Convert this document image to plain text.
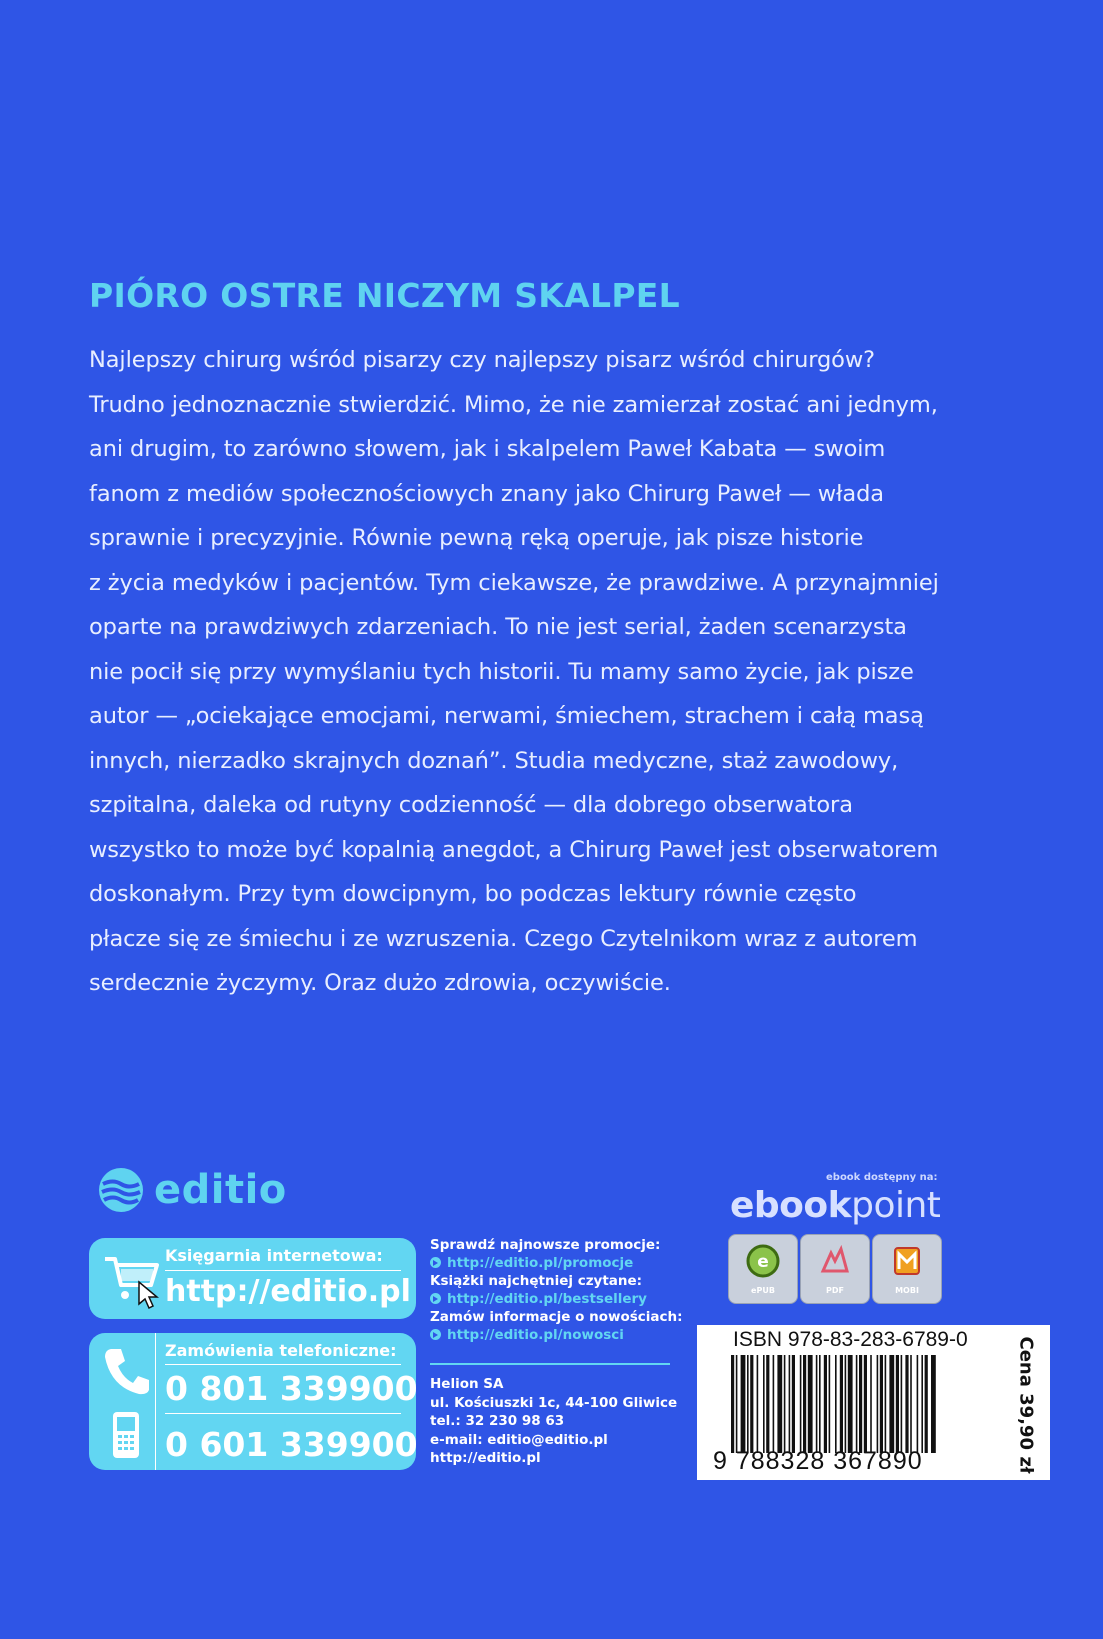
PIÓRO OSTRE NICZYM SKALPEL
Najlepszy chirurg wśród pisarzy czy najlepszy pisarz wśród chirurgów?
Trudno jednoznacznie stwierdzić. Mimo, że nie zamierzał zostać ani jednym,
ani drugim, to zarówno słowem, jak i skalpelem Paweł Kabata — swoim
fanom z mediów społecznościowych znany jako Chirurg Paweł — włada
sprawnie i precyzyjnie. Równie pewną ręką operuje, jak pisze historie
z życia medyków i pacjentów. Tym ciekawsze, że prawdziwe. A przynajmniej
oparte na prawdziwych zdarzeniach. To nie jest serial, żaden scenarzysta
nie pocił się przy wymyślaniu tych historii. Tu mamy samo życie, jak pisze
autor — „ociekające emocjami, nerwami, śmiechem, strachem i całą masą
innych, nierzadko skrajnych doznań”. Studia medyczne, staż zawodowy,
szpitalna, daleka od rutyny codzienność — dla dobrego obserwatora
wszystko to może być kopalnią anegdot, a Chirurg Paweł jest obserwatorem
doskonałym. Przy tym dowcipnym, bo podczas lektury równie często
płacze się ze śmiechu i ze wzruszenia. Czego Czytelnikom wraz z autorem
serdecznie życzymy. Oraz dużo zdrowia, oczywiście.
editio
Księgarnia internetowa:
http://editio.pl
Zamówienia telefoniczne:
0 801 339900
0 601 339900
Sprawdź najnowsze promocje:
http://editio.pl/promocje
Książki najchętniej czytane:
http://editio.pl/bestsellery
Zamów informacje o nowościach:
http://editio.pl/nowosci
Helion SA
ul. Kościuszki 1c, 44-100 Gliwice
tel.: 32 230 98 63
e-mail: editio@editio.pl
http://editio.pl
ebook dostępny na:
ebookpoint
e
ePUB	PDF	MOBI
ISBN 978-83-283-6789-0
9 788328 367890	Cena 39,90 zł
